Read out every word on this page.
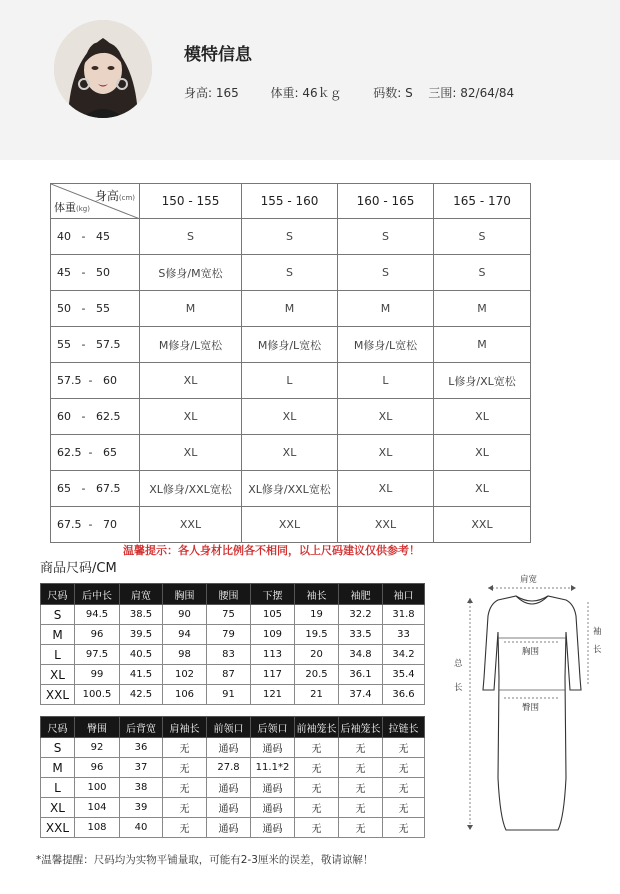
模特信息
身高: 165	体重: 46ｋｇ	码数: S 三围: 82/64/84
身高(cm)
体重(kg)	150 - 155	155 - 160	160 - 165	165 - 170
40   -   45	S	S	S	S
45   -   50	S修身/M宽松	S	S	S
50   -   55	M	M	M	M
55   -   57.5	M修身/L宽松	M修身/L宽松	M修身/L宽松	M
57.5  -   60	XL	L	L	L修身/XL宽松
60   -   62.5	XL	XL	XL	XL
62.5  -   65	XL	XL	XL	XL
65   -   67.5	XL修身/XXL宽松	XL修身/XXL宽松	XL	XL
67.5  -   70	XXL	XXL	XXL	XXL
温馨提示：各人身材比例各不相同，以上尺码建议仅供参考！
商品尺码/CM
尺码	后中长	肩宽	胸围	腰围	下摆	袖长	袖肥	袖口
S	94.5	38.5	90	75	105	19	32.2	31.8
M	96	39.5	94	79	109	19.5	33.5	33
L	97.5	40.5	98	83	113	20	34.8	34.2
XL	99	41.5	102	87	117	20.5	36.1	35.4
XXL	100.5	42.5	106	91	121	21	37.4	36.6
尺码	臀围	后背宽	肩袖长	前领口	后领口	前袖笼长	后袖笼长	拉链长
S	92	36	无	通码	通码	无	无	无
M	96	37	无	27.8	11.1*2	无	无	无
L	100	38	无	通码	通码	无	无	无
XL	104	39	无	通码	通码	无	无	无
XXL	108	40	无	通码	通码	无	无	无
肩宽
胸围
臀围
袖
长
总
长
*温馨提醒：尺码均为实物平铺量取，可能有2-3厘米的误差，敬请谅解！
